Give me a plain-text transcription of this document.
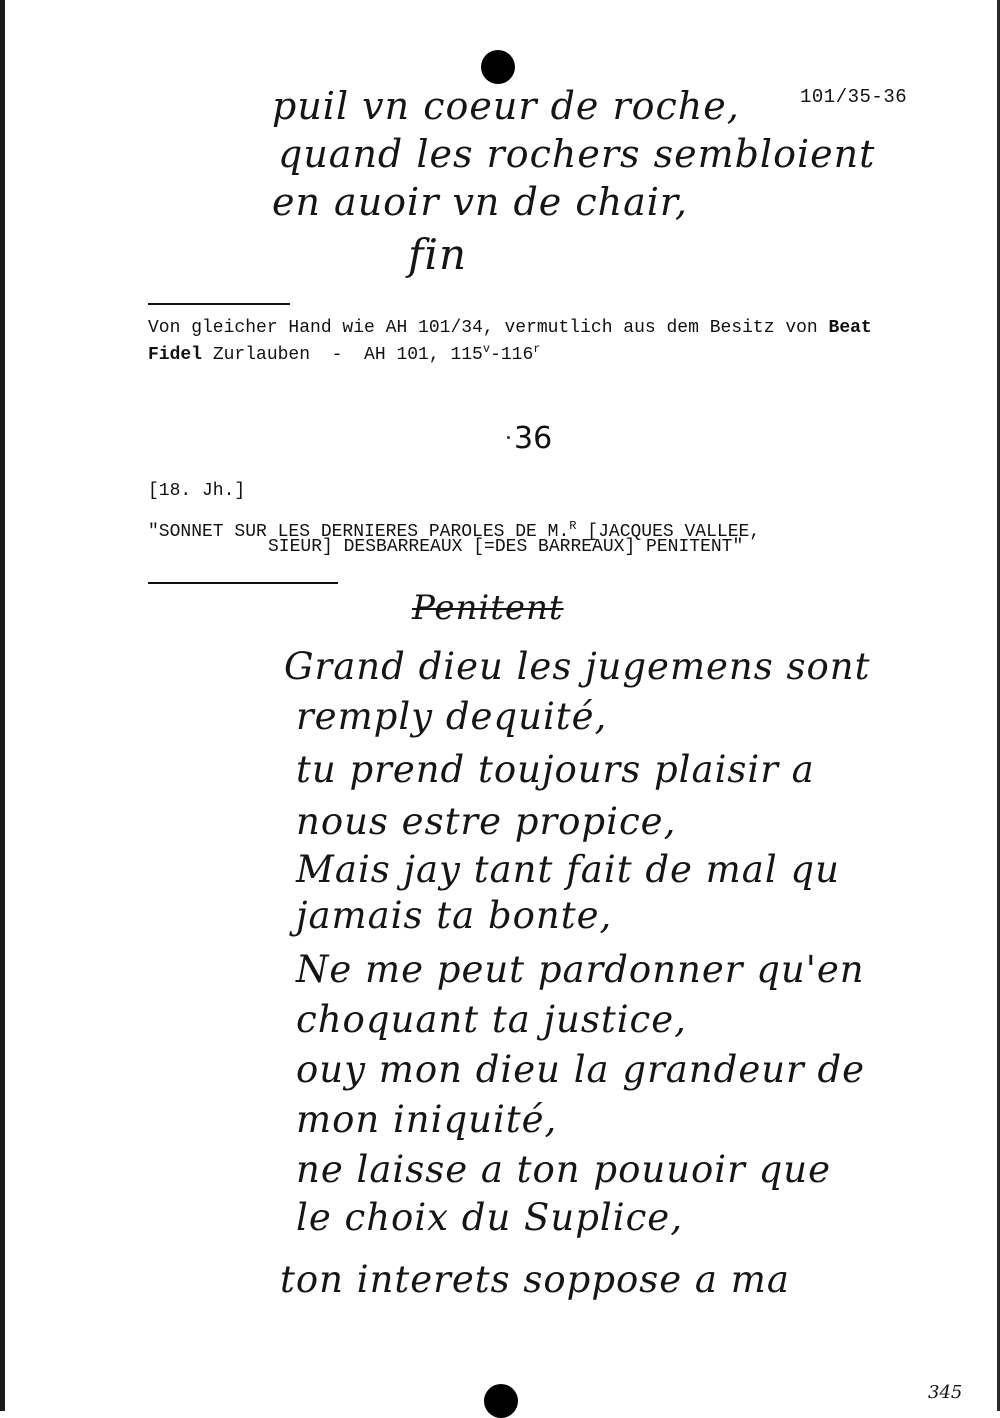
101/35-36
puil vn coeur de roche,
quand les rochers sembloient
en auoir vn de chair,
fin
Von gleicher Hand wie AH 101/34, vermutlich aus dem Besitz von Beat
Fidel Zurlauben  -  AH 101, 115$^v$-116$^r$
36
[18. Jh.]
"SONNET SUR LES DERNIERES PAROLES DE M.$^R$ [JACQUES VALLEE,
SIEUR] DESBARREAUX [=DES BARREAUX] PENITENT"
Penitent
Grand dieu les jugemens sont
remply dequité,
tu prend toujours plaisir a
nous estre propice,
Mais jay tant fait de mal qu
jamais ta bonte,
Ne me peut pardonner qu'en
choquant ta justice,
ouy mon dieu la grandeur de
mon iniquité,
ne laisse a ton pouuoir que
le choix du Suplice,
ton interets soppose a ma
345
